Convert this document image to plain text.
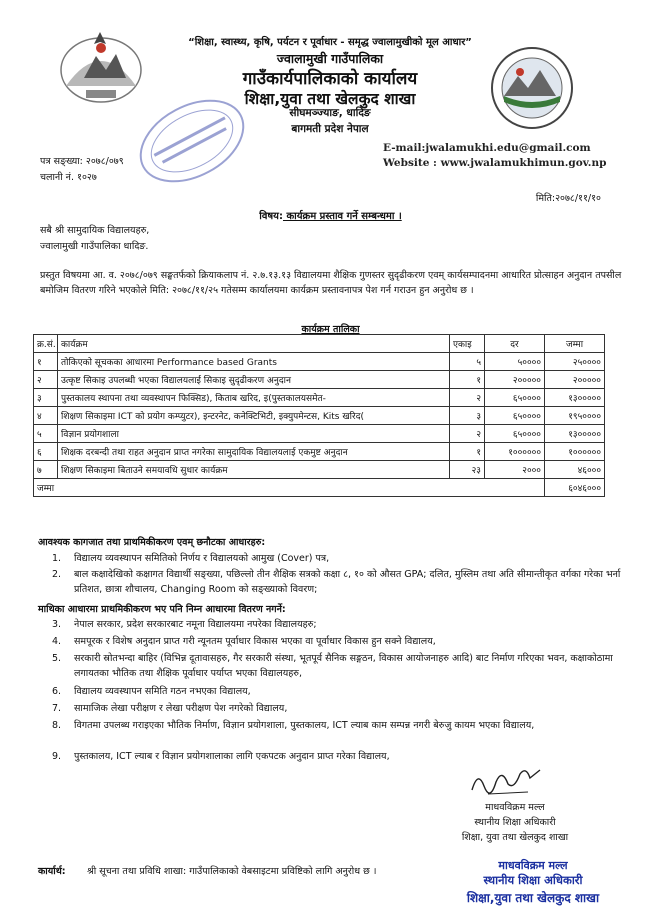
“शिक्षा, स्वास्थ्य, कृषि, पर्यटन र पूर्वाधार - समृद्ध ज्वालामुखीको मूल आधार”
ज्वालामुखी गाउँपालिका
गाउँकार्यपालिकाको कार्यालय
शिक्षा,युवा तथा खेलकुद शाखा
सीघमञ्ज्याङ, धादिङ
बागमती प्रदेश नेपाल
E-mail:jwalamukhi.edu@gmail.com
Website : www.jwalamukhimun.gov.np
पत्र सङ्ख्या: २०७८/०७९
चलानी नं. १०२७
मिति:२०७८/११/१०
विषय: कार्यक्रम प्रस्ताव गर्ने सम्बन्धमा ।
सबै श्री सामुदायिक विद्यालयहरु,
ज्वालामुखी गाउँपालिका धादिङ.
प्रस्तुत विषयमा आ. व. २०७८/०७९ सङ्घतर्फको क्रियाकलाप नं. २.७.१३.१३ विद्यालयमा शैक्षिक गुणस्तर सुदृढीकरण एवम् कार्यसम्पादनमा आधारित प्रोत्साहन अनुदान तपसील बमोजिम वितरण गरिने भएकोले मिति: २०७८/११/२५ गतेसम्म कार्यालयमा कार्यक्रम प्रस्तावनापत्र पेश गर्न गराउन हुन अनुरोध छ ।
कार्यक्रम तालिका
क्र.सं.	कार्यक्रम	एकाइ	दर	जम्मा
१	तोकिएको सूचकका आधारमा Performance based Grants	५	५००००	२५००००
२	उत्कृष्ट सिकाइ उपलब्धी भएका विद्यालयलाई सिकाइ सुदृढीकरण अनुदान	१	२०००००	२०००००
३	पुस्तकालय स्थापना तथा व्यवस्थापन फिक्सिड), किताब खरिद, इ(पुस्तकालयसमेत-	२	६५००००	१३०००००
४	शिक्षण सिकाइमा ICT को प्रयोग कम्प्युटर), इन्टरनेट, कनेक्टिभिटी, इक्युपमेन्टस, Kits खरिद(	३	६५००००	१९५००००
५	विज्ञान प्रयोगशाला	२	६५००००	१३०००००
६	शिक्षक दरबन्दी तथा राहत अनुदान प्राप्त नगरेका सामुदायिक विद्यालयलाई एकमुष्ट अनुदान	१	१००००००	१००००००
७	शिक्षण सिकाइमा बिताउने समयावधि सुधार कार्यक्रम	२३	२०००	४६०००
जम्मा				६०४६०००
आवश्यक कागजात तथा प्राथमिकीकरण एवम् छनौटका आधारहरु:
1.	विद्यालय व्यवस्थापन समितिको निर्णय र विद्यालयको आमुख (Cover) पत्र,
2.	बाल कक्षादेखिको कक्षागत विद्यार्थी सङ्ख्या, पछिल्लो तीन शैक्षिक सत्रको कक्षा ८, १० को औसत GPA; दलित, मुस्लिम तथा अति सीमान्तीकृत वर्गका गरेका भर्ना प्रतिशत, छात्रा शौचालय, Changing Room को सङ्ख्याको विवरण;
माथिका आधारमा प्राथमिकीकरण भए पनि निम्न आधारमा वितरण नगर्ने:
3.	नेपाल सरकार, प्रदेश सरकारबाट नमूना विद्यालयमा नपरेका विद्यालयहरु;
4.	समपूरक र विशेष अनुदान प्राप्त गरी न्यूनतम पूर्वाधार विकास भएका वा पूर्वाधार विकास हुन सक्ने विद्यालय,
5.	सरकारी स्रोतभन्दा बाहिर (विभिन्न दूतावासहरु, गैर सरकारी संस्था, भूतपूर्व सैनिक सङ्गठन, विकास आयोजनाहरु आदि) बाट निर्माण गरिएका भवन, कक्षाकोठामा लगायतका भौतिक तथा शैक्षिक पूर्वाधार पर्याप्त भएका विद्यालयहरु,
6.	विद्यालय व्यवस्थापन समिति गठन नभएका विद्यालय,
7.	सामाजिक लेखा परीक्षण र लेखा परीक्षण पेश नगरेको विद्यालय,
8.	विगतमा उपलब्ध गराइएका भौतिक निर्माण, विज्ञान प्रयोगशाला, पुस्तकालय, ICT ल्याब काम सम्पन्न नगरी बेरुजु कायम भएका विद्यालय,
9.	पुस्तकालय, ICT ल्याब र विज्ञान प्रयोगशालाका लागि एकपटक अनुदान प्राप्त गरेका विद्यालय,
माधवविक्रम मल्ल
स्थानीय शिक्षा अधिकारी
शिक्षा, युवा तथा खेलकुद शाखा
कार्यार्थ: श्री सूचना तथा प्रविधि शाखा: गाउँपालिकाको वेबसाइटमा प्रविष्टिको लागि अनुरोध छ ।	माधवविक्रम मल्ल
स्थानीय शिक्षा अधिकारी
शिक्षा,युवा तथा खेलकुद शाखा
